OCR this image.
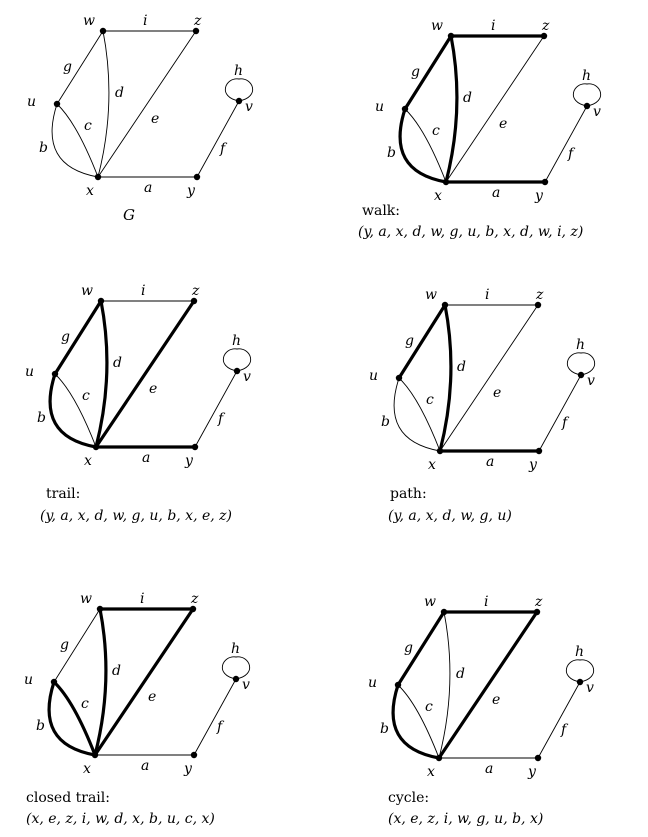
w	z
u
x	y
v
i
g
d
c	e
b
a
f
h
G
w	z
u
x	y
v
i
g
d
c	e
b
a
f
h
walk:
(y, a, x, d, w, g, u, b, x, d, w, i, z)
w	z
u
x	y
v
i
g
d
c	e
b
a
f
h
trail:
(y, a, x, d, w, g, u, b, x, e, z)
w	z
u
x	y
v
i
g
d
c	e
b
a
f
h
path:
(y, a, x, d, w, g, u)
w	z
u
x	y
v
i
g
d
c	e
b
a
f
h
closed trail:
(x, e, z, i, w, d, x, b, u, c, x)
w	z
u
x	y
v
i
g
d
c	e
b
a
f
h
cycle:
(x, e, z, i, w, g, u, b, x)
